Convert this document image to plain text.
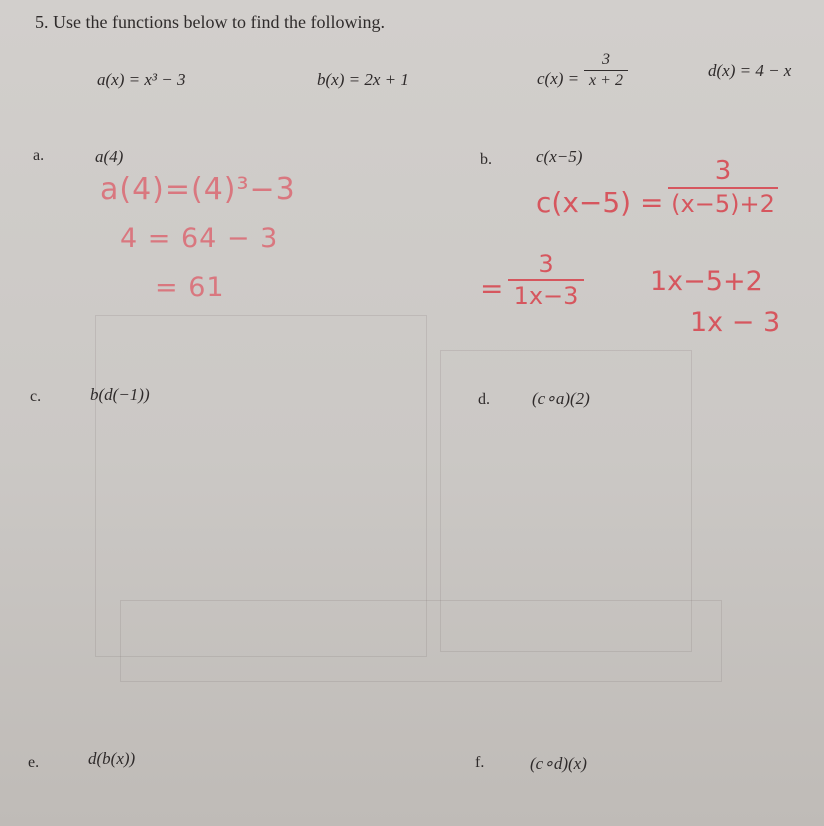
5. Use the functions below to find the following.
a(x) = x³ − 3	b(x) = 2x + 1	$c(x) = \frac{3}{x + 2}$	d(x) = 4 − x
a.	a(4)	b.	c(x−5)
c.	b(d(−1))	d. (c∘a)(2)
e.	d(b(x))	f.	(c∘d)(x)
a(4)=(4)³−3
4 = 64 − 3
= 61
$c(x-5) = \frac{3}{(x-5)+2}$
= $\frac{3}{1x-3} 1x-5+2$
1x − 3
